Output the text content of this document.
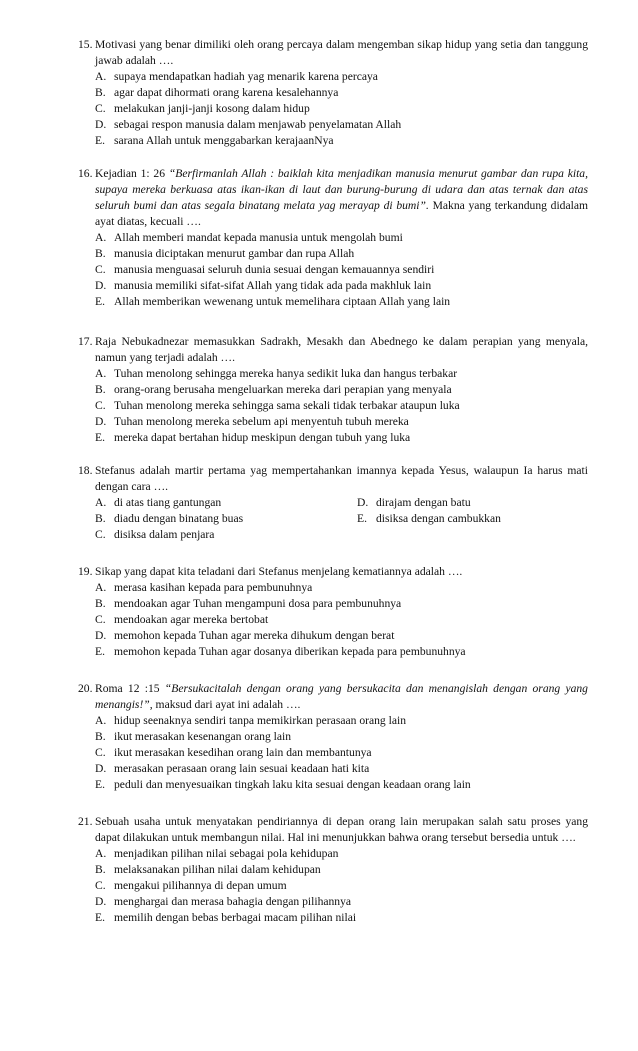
15. Motivasi yang benar dimiliki oleh orang percaya dalam mengemban sikap hidup yang setia dan tanggung jawab adalah ….
A. supaya mendapatkan hadiah yag menarik karena percaya
B. agar dapat dihormati orang karena kesalehannya
C. melakukan janji-janji kosong dalam hidup
D. sebagai respon manusia dalam menjawab penyelamatan Allah
E. sarana Allah untuk menggabarkan kerajaanNya
16. Kejadian 1: 26 “Berfirmanlah Allah : baiklah kita menjadikan manusia menurut gambar dan rupa kita, supaya mereka berkuasa atas ikan-ikan di laut dan burung-burung di udara dan atas ternak dan atas seluruh bumi dan atas segala binatang melata yag merayap di bumi”. Makna yang terkandung didalam ayat diatas, kecuali ….
A. Allah memberi mandat kepada manusia untuk mengolah bumi
B. manusia diciptakan menurut gambar dan rupa Allah
C. manusia menguasai seluruh dunia sesuai dengan kemauannya sendiri
D. manusia memiliki sifat-sifat Allah yang tidak ada pada makhluk lain
E. Allah memberikan wewenang untuk memelihara ciptaan Allah yang lain
17. Raja Nebukadnezar memasukkan Sadrakh, Mesakh dan Abednego ke dalam perapian yang menyala, namun yang terjadi adalah ….
A. Tuhan menolong sehingga mereka hanya sedikit luka dan hangus terbakar
B. orang-orang berusaha mengeluarkan mereka dari perapian yang menyala
C. Tuhan menolong mereka sehingga sama sekali tidak terbakar ataupun luka
D. Tuhan menolong mereka sebelum api menyentuh tubuh mereka
E. mereka dapat bertahan hidup meskipun dengan tubuh yang luka
18. Stefanus adalah martir pertama yag mempertahankan imannya kepada Yesus, walaupun Ia harus mati dengan cara ….
A. di atas tiang gantungan	D. dirajam dengan batu
B. diadu dengan binatang buas	E. disiksa dengan cambukkan
C. disiksa dalam penjara
19. Sikap yang dapat kita teladani dari Stefanus menjelang kematiannya adalah ….
A. merasa kasihan kepada para pembunuhnya
B. mendoakan agar Tuhan mengampuni dosa para pembunuhnya
C. mendoakan agar mereka bertobat
D. memohon kepada Tuhan agar mereka dihukum dengan berat
E. memohon kepada Tuhan agar dosanya diberikan kepada para pembunuhnya
20. Roma 12 :15 “Bersukacitalah dengan orang yang bersukacita dan menangislah dengan orang yang menangis!”, maksud dari ayat ini adalah ….
A. hidup seenaknya sendiri tanpa memikirkan perasaan orang lain
B. ikut merasakan kesenangan orang lain
C. ikut merasakan kesedihan orang lain dan membantunya
D. merasakan perasaan orang lain sesuai keadaan hati kita
E. peduli dan menyesuaikan tingkah laku kita sesuai dengan keadaan orang lain
21. Sebuah usaha untuk menyatakan pendiriannya di depan orang lain merupakan salah satu proses yang dapat dilakukan untuk membangun nilai. Hal ini menunjukkan bahwa orang tersebut bersedia untuk ….
A. menjadikan pilihan nilai sebagai pola kehidupan
B. melaksanakan pilihan nilai dalam kehidupan
C. mengakui pilihannya di depan umum
D. menghargai dan merasa bahagia dengan pilihannya
E. memilih dengan bebas berbagai macam pilihan nilai
